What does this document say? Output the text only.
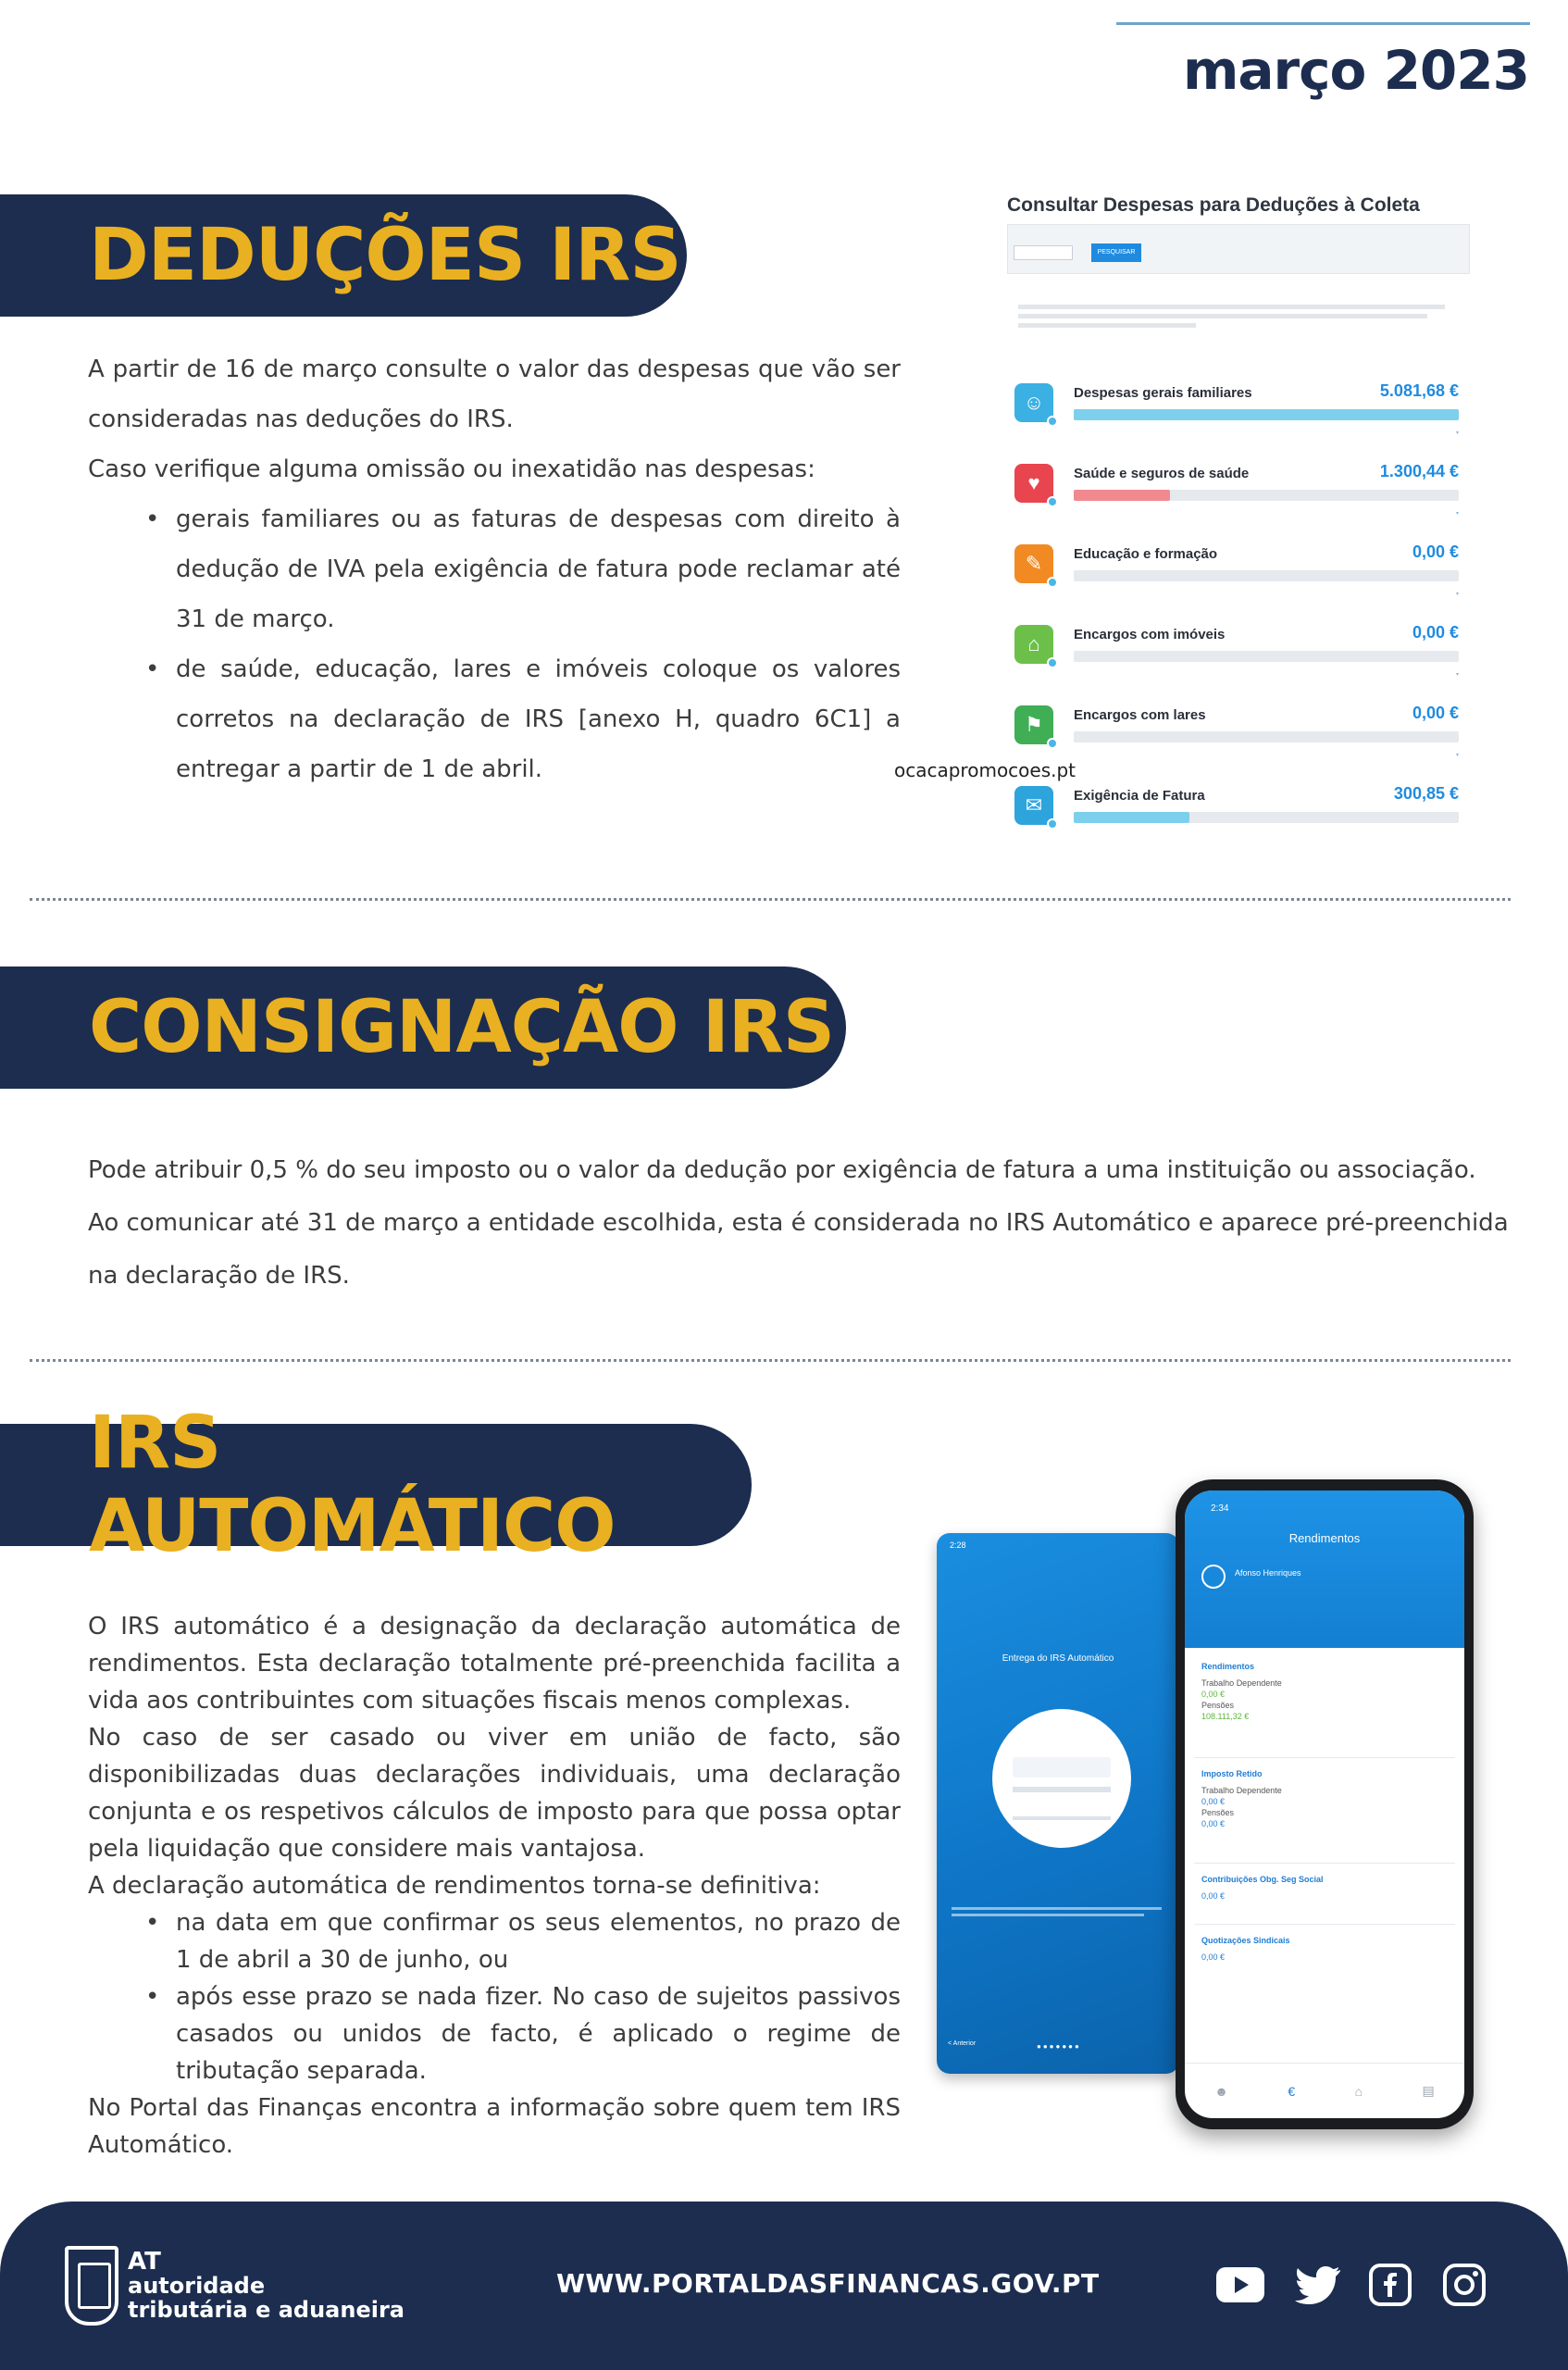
março 2023
DEDUÇÕES IRS

A partir de 16 de março consulte o valor das despesas que vão ser consideradas nas deduções do IRS.

Caso verifique alguma omissão ou inexatidão nas despesas:

• gerais familiares ou as faturas de despesas com direito à dedução de IVA pela exigência de fatura pode reclamar até 31 de março.

• de saúde, educação, lares e imóveis coloque os valores corretos na declaração de IRS [anexo H, quadro 6C1] a entregar a partir de 1 de abril.

Consultar Despesas para Deduções à Coleta
PESQUISAR
☺	Despesas gerais familiares	5.081,68 €
▾
♥	Saúde e seguros de saúde	1.300,44 €
▾
✎	Educação e formação	0,00 €
▾
⌂	Encargos com imóveis	0,00 €
▾
⚑	Encargos com lares	0,00 €
▾
✉	Exigência de Fatura	300,85 €
ocacapromocoes.pt
CONSIGNAÇÃO IRS

Pode atribuir 0,5 % do seu imposto ou o valor da dedução por exigência de fatura a uma instituição ou associação.

Ao comunicar até 31 de março a entidade escolhida, esta é considerada no IRS Automático e aparece pré-preenchida na declaração de IRS.

IRS AUTOMÁTICO

O IRS automático é a designação da declaração automática de rendimentos. Esta declaração totalmente pré-preenchida facilita a vida aos contribuintes com situações fiscais menos complexas.

No caso de ser casado ou viver em união de facto, são disponibilizadas duas declarações individuais, uma declaração conjunta e os respetivos cálculos de imposto para que possa optar pela liquidação que considere mais vantajosa.

A declaração automática de rendimentos torna-se definitiva:

• na data em que confirmar os seus elementos, no prazo de 1 de abril a 30 de junho, ou

• após esse prazo se nada fizer. No caso de sujeitos passivos casados ou unidos de facto, é aplicado o regime de tributação separada.

No Portal das Finanças encontra a informação sobre quem tem IRS Automático.

2:28
Entrega do IRS Automático
< Anterior	●●●●●●●
2:34
Rendimentos
Afonso Henriques
Rendimentos
Trabalho Dependente
0,00 €
Pensões
108.111,32 €
Imposto Retido
Trabalho Dependente
0,00 €
Pensões
0,00 €
Contribuições Obg. Seg Social
0,00 €
Quotizações Sindicais
0,00 €
☻	€	⌂	▤
AT
autoridade
tributária e aduaneira
WWW.PORTALDASFINANCAS.GOV.PT
